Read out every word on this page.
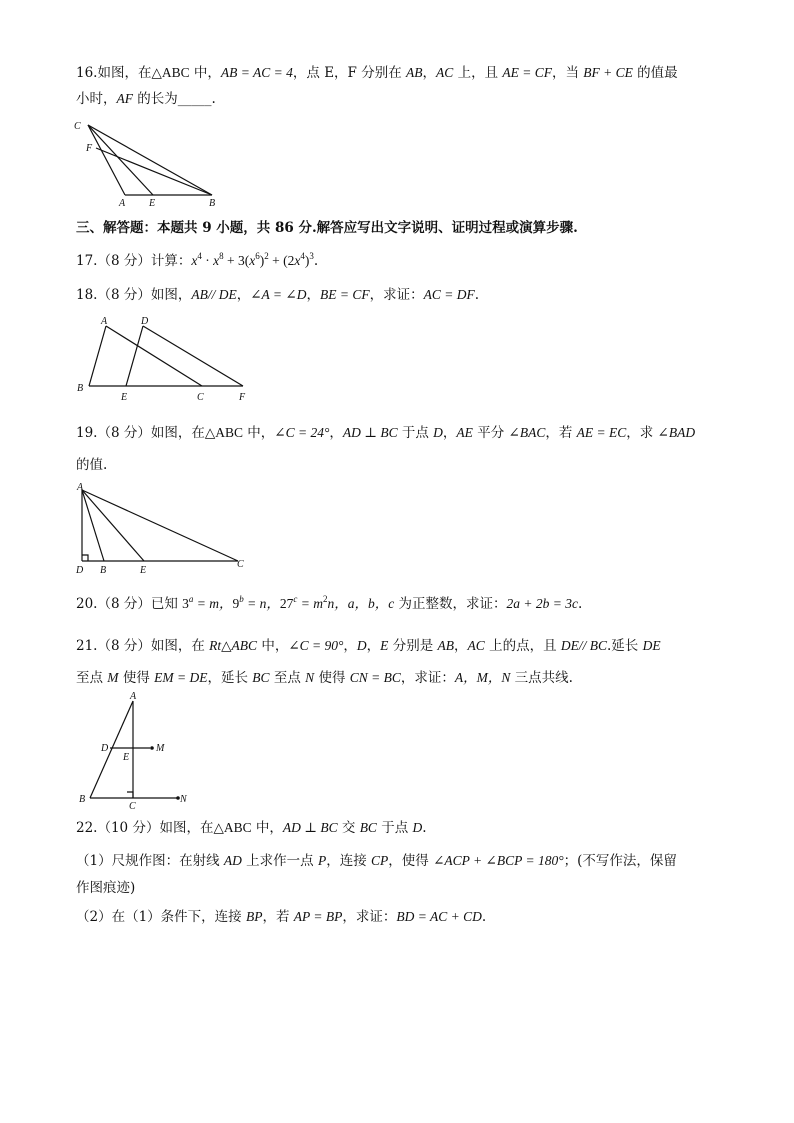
16.如图，在△ABC 中，AB = AC = 4，点 E，F 分别在 AB，AC 上，且 AE = CF，当 BF + CE 的值最
小时，AF 的长为_____.
C
F
A E	B
三、解答题：本题共 9 小题，共 86 分.解答应写出文字说明、证明过程或演算步骤.
17.（8 分）计算：$x^4 \cdot x^8 + 3(x^6)^2 + (2x^4)^3$.
18.（8 分）如图，AB// DE，∠A = ∠D，BE = CF，求证：AC = DF.
A	D
B
E	C	F
19.（8 分）如图，在△ABC 中，∠C = 24°，AD ⊥ BC 于点 D，AE 平分 ∠BAC，若 AE = EC，求 ∠BAD
的值.
A
D B	E
C
20.（8 分）已知 $3^a = m$，$9^b = n$，$27^c = m^2n$，a，b，c 为正整数，求证：2a + 2b = 3c.
21.（8 分）如图，在 Rt△ABC 中，∠C = 90°，D，E 分别是 AB，AC 上的点，且 DE// BC.延长 DE
至点 M 使得 EM = DE，延长 BC 至点 N 使得 CN = BC，求证：A，M，N 三点共线.
A
D	M
E
B
C
N
22.（10 分）如图，在△ABC 中，AD ⊥ BC 交 BC 于点 D.
（1）尺规作图：在射线 AD 上求作一点 P，连接 CP，使得 ∠ACP + ∠BCP = 180°；(不写作法，保留
作图痕迹)
（2）在（1）条件下，连接 BP，若 AP = BP，求证：BD = AC + CD.
